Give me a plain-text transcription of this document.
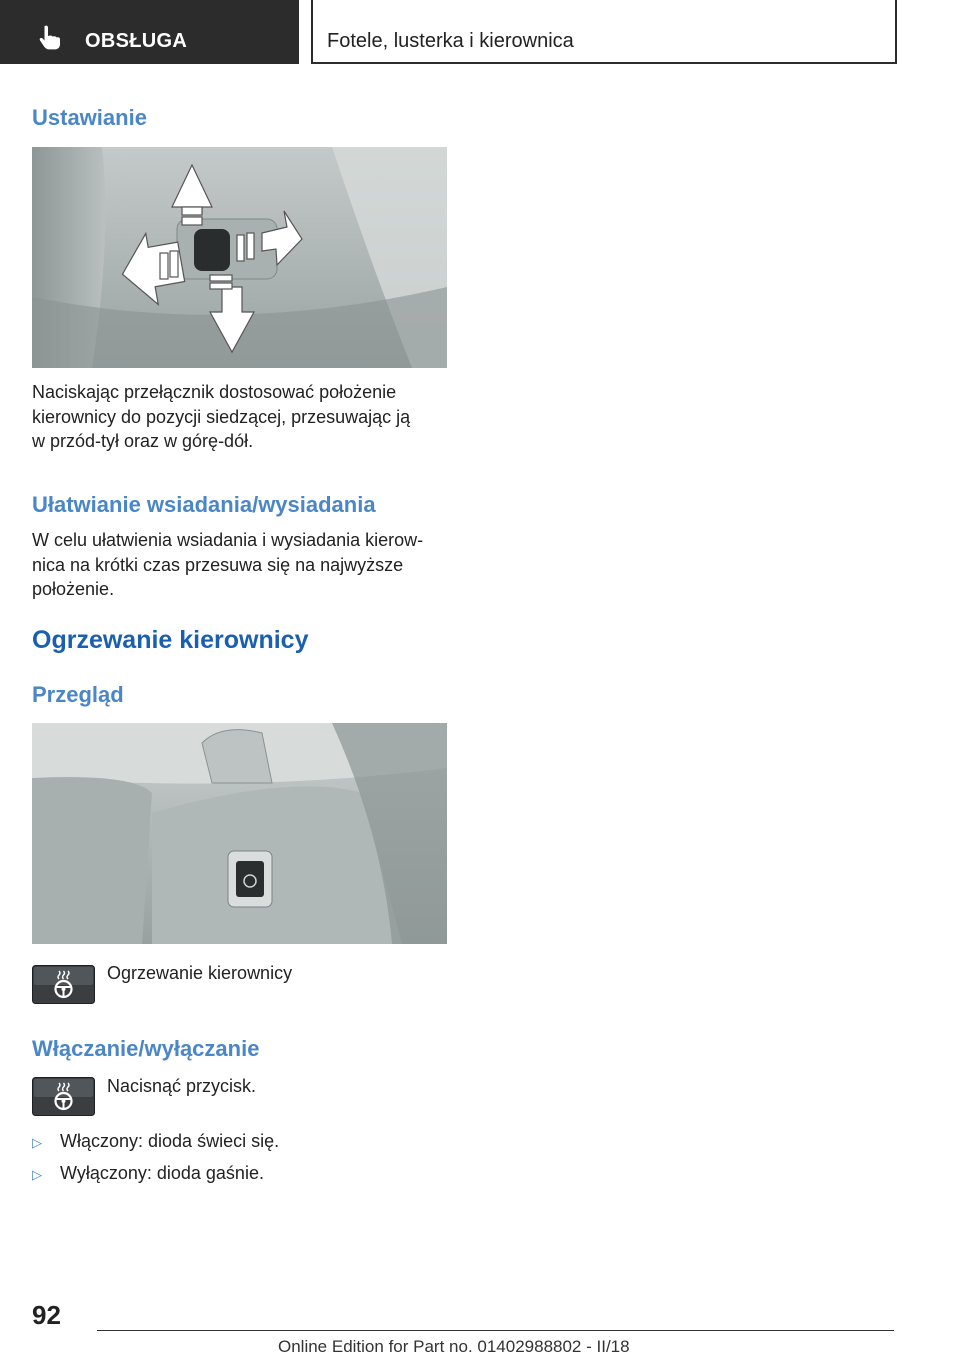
OBSŁUGA	Fotele, lusterka i kierownica
Ustawianie

Naciskając przełącznik dostosować położenie
kierownicy do pozycji siedzącej, przesuwając ją
w przód-tył oraz w górę-dół.

Ułatwianie wsiadania/wysiadania

W celu ułatwienia wsiadania i wysiadania kierow-
nica na krótki czas przesuwa się na najwyższe
położenie.

Ogrzewanie kierownicy
Przegląd
Ogrzewanie kierownicy
Włączanie/wyłączanie
Nacisnąć przycisk.
▷ Włączony: dioda świeci się.
▷ Wyłączony: dioda gaśnie.
92
Online Edition for Part no. 01402988802 - II/18
